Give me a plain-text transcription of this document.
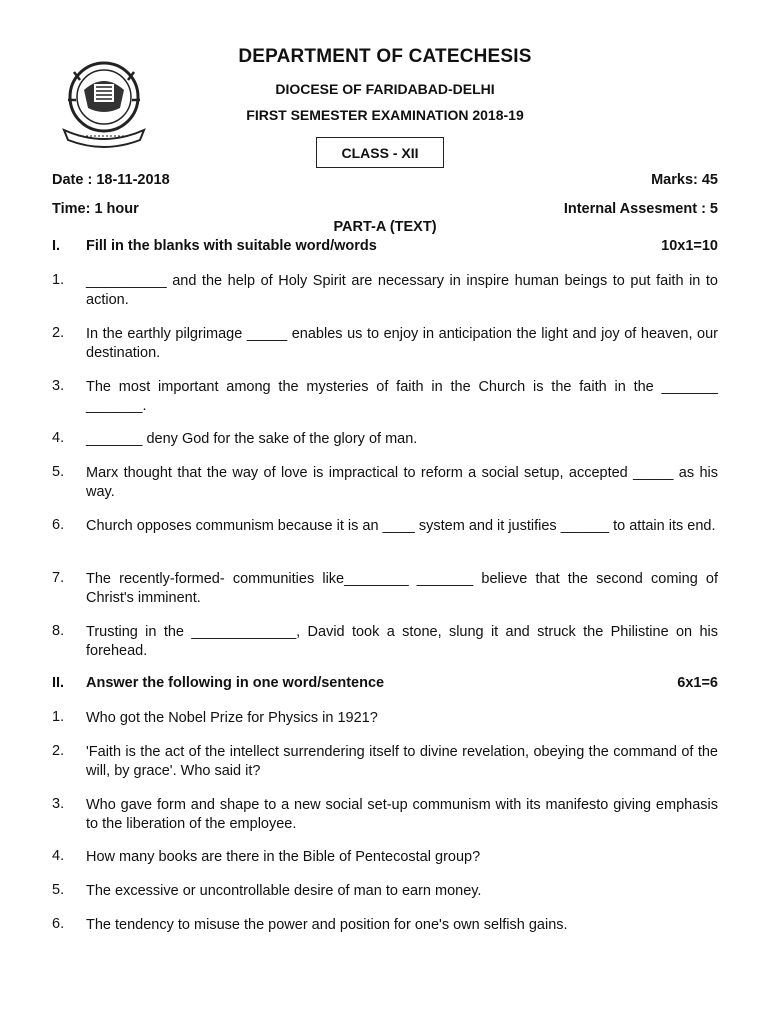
DEPARTMENT OF CATECHESIS
DIOCESE OF FARIDABAD-DELHI
FIRST SEMESTER EXAMINATION 2018-19
CLASS - XII
Date : 18-11-2018	Marks: 45
Time: 1 hour	Internal Assesment : 5
PART-A (TEXT)
I. Fill in the blanks with suitable word/words	10x1=10
1. __________ and the help of Holy Spirit are necessary in inspire human beings to put faith in to action.
2. In the earthly pilgrimage _____ enables us to enjoy in anticipation the light and joy of heaven, our destination.
3. The most important among the mysteries of faith in the Church is the faith in the _______ _______.
4. _______ deny God for the sake of the glory of man.
5. Marx thought that the way of love is impractical to reform a social setup, accepted _____ as his way.
6. Church opposes communism because it is an ____ system and it justifies ______ to attain its end.
7. The recently-formed- communities like________ _______ believe that the second coming of Christ's imminent.
8. Trusting in the _____________, David took a stone, slung it and struck the Philistine on his forehead.
II. Answer the following in one word/sentence	6x1=6
1. Who got the Nobel Prize for Physics in 1921?
2. 'Faith is the act of the intellect surrendering itself to divine revelation, obeying the command of the will, by grace'. Who said it?
3. Who gave form and shape to a new social set-up communism with its manifesto giving emphasis to the liberation of the employee.
4. How many books are there in the Bible of Pentecostal group?
5. The excessive or uncontrollable desire of man to earn money.
6. The tendency to misuse the power and position for one's own selfish gains.
